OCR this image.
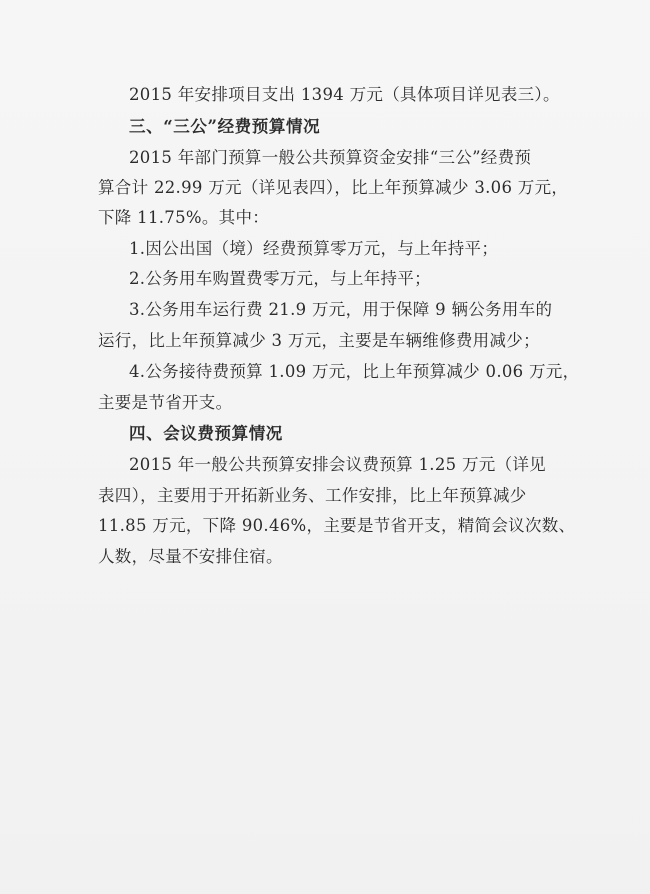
2015 年安排项目支出 1394 万元（具体项目详见表三）。
三、“三公”经费预算情况
2015 年部门预算一般公共预算资金安排“三公”经费预
算合计 22.99 万元（详见表四），比上年预算减少 3.06 万元，
下降 11.75%。其中：
1.因公出国（境）经费预算零万元，与上年持平；
2.公务用车购置费零万元，与上年持平；
3.公务用车运行费 21.9 万元，用于保障 9 辆公务用车的
运行，比上年预算减少 3 万元，主要是车辆维修费用减少；
4.公务接待费预算 1.09 万元，比上年预算减少 0.06 万元，
主要是节省开支。
四、会议费预算情况
2015 年一般公共预算安排会议费预算 1.25 万元（详见
表四），主要用于开拓新业务、工作安排，比上年预算减少
11.85 万元，下降 90.46%，主要是节省开支，精简会议次数、
人数，尽量不安排住宿。
